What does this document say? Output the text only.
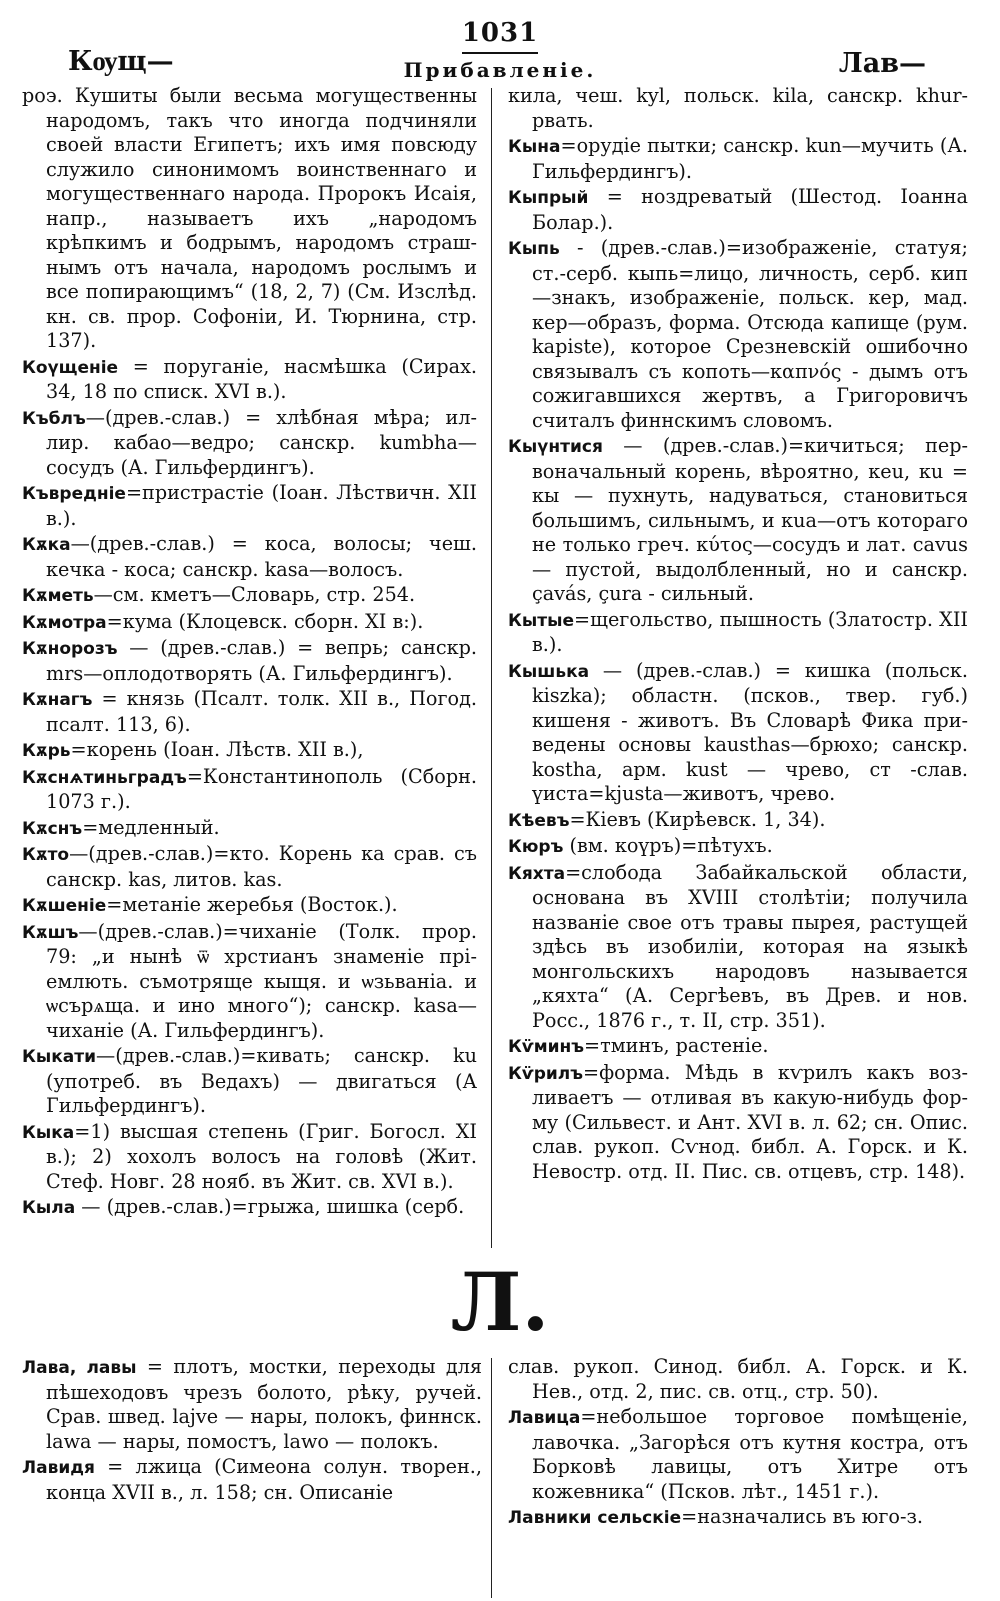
1031
Кѹщ—	Прибавленіе.	Лав—

роэ. Кушиты были весьма могущественны народомъ, такъ что иногда подчиняли своей власти Египетъ; ихъ имя повсюду служило синонимомъ воинственнаго и могущественнаго народа. Пророкъ Исаія, напр., называетъ ихъ „народомъ крѣпкимъ и бодрымъ, народомъ страшнымъ отъ начала, народомъ рослымъ и все попирающимъ“ (18, 2, 7) (См. Изслѣд. кн. св. прор. Софоніи, И. Тюрнина, стр. 137).

Коүщеніе = поруганіе, насмѣшка (Сирах. 34, 18 по списк. XVI в.).

Къблъ—(древ.-слав.) = хлѣбная мѣра; иллир. кабао—ведро; санскр. kumbha—сосудъ (А. Гильфердингъ).

Къвредніе=пристрастіе (Іоан. Лѣствичн. XII в.).

Кѫка—(древ.-слав.) = коса, волосы; чеш. кечка - коса; санскр. kasa—волосъ.

Кѫметь—см. кметъ—Словарь, стр. 254.

Кѫмотра=кума (Клоцевск. сборн. XI в:).

Кѫнорозъ — (древ.-слав.) = вепрь; санскр. mrs—оплодотворять (А. Гильфердингъ).

Кѫнагъ = князь (Псалт. толк. XII в., Погод. псалт. 113, 6).

Кѫрь=корень (Іоан. Лѣств. XII в.),

Кѫснѧтиньградъ=Константинополь (Сборн. 1073 г.).

Кѫснъ=медленный.

Кѫто—(древ.-слав.)=кто. Корень ка срав. съ санскр. kas, литов. kas.

Кѫшеніе=метаніе жеребья (Восток.).

Кѫшъ—(древ.-слав.)=чиханіе (Толк. прор. 79: „и нынѣ ѿ хрстианъ знаменіе пріемлють. съмотряще кыщя. и ѡзьваніа. и ѡсърѧща. и ино много“); санскр. kasa—чиханіе (А. Гильфердингъ).

Кыкати—(древ.-слав.)=кивать; санскр. ku (употреб. въ Ведахъ) — двигаться (А Гильфердингъ).

Кыка=1) высшая степень (Григ. Богосл. XI в.); 2) хохолъ волосъ на головѣ (Жит. Стеф. Новг. 28 нояб. въ Жит. св. XVI в.).

Кыла — (древ.-слав.)=грыжа, шишка (серб.

кила, чеш. kyl, польск. kila, санскр. khur- рвать.

Кына=орудіе пытки; санскр. kun—мучить (А. Гильфердингъ).

Кыпрый = ноздреватый (Шестод. Іоанна Болар.).

Кыпь - (древ.-слав.)=изображеніе, статуя; ст.-серб. кыпь=лицо, личность, серб. кип—знакъ, изображеніе, польск. кер, мад. кер—образъ, форма. Отсюда капище (рум. kapiste), которое Срезневскій ошибочно связывалъ съ копоть—καπνός - дымъ отъ сожигавшихся жертвъ, а Григоровичъ считалъ финнскимъ словомъ.

Кыүнтися — (древ.-слав.)=кичиться; первоначальный корень, вѣроятно, кеu, кu = кы — пухнуть, надуваться, становиться большимъ, сильнымъ, и кuа—отъ котораго не только греч. κύτος—сосудъ и лат. cavus — пустой, выдолбленный, но и санскр. çavás, çura - сильный.

Кытые=щегольство, пышность (Златостр. XII в.).

Кышька — (древ.-слав.) = кишка (польск. kiszka); областн. (псков., твер. губ.) кишеня - животъ. Въ Словарѣ Фика приведены основы kausthas—брюхо; санскр. kostha, арм. kust — чрево, ст -слав. үиста=kjusta—животъ, чрево.

Кѣевъ=Кіевъ (Кирѣевск. 1, 34).

Кюръ (вм. коүръ)=пѣтухъ.

Кяхта=слобода Забайкальской области, основана въ XVIII столѣтіи; получила названіе свое отъ травы пырея, растущей здѣсь въ изобиліи, которая на языкѣ монгольскихъ народовъ называется „кяхта“ (А. Сергѣевъ, въ Древ. и нов. Росс., 1876 г., т. II, стр. 351).

Кѵ̈минъ=тминъ, растеніе.

Кѵ̈рилъ=форма. Мѣдь в кѵрилъ какъ возливаетъ — отливая въ какую-нибудь форму (Сильвест. и Ант. XVI в. л. 62; сн. Опис. слав. рукоп. Сѵнод. библ. А. Горск. и К. Невостр. отд. II. Пис. св. отцевъ, стр. 148).

Л.

Лава, лавы = плотъ, мостки, переходы для пѣшеходовъ чрезъ болото, рѣку, ручей. Срав. швед. lajve — нары, полокъ, финнск. lawa — нары, помостъ, lawo — полокъ.

Лавидя = лжица (Симеона солун. творен., конца XVII в., л. 158; сн. Описаніе

слав. рукоп. Синод. библ. А. Горск. и К. Нев., отд. 2, пис. св. отц., стр. 50).

Лавица=небольшое торговое помѣщеніе, лавочка. „Загорѣся отъ кутня костра, отъ Борковѣ лавицы, отъ Хитре отъ кожевника“ (Псков. лѣт., 1451 г.).

Лавники сельскіе=назначались въ юго-з.
